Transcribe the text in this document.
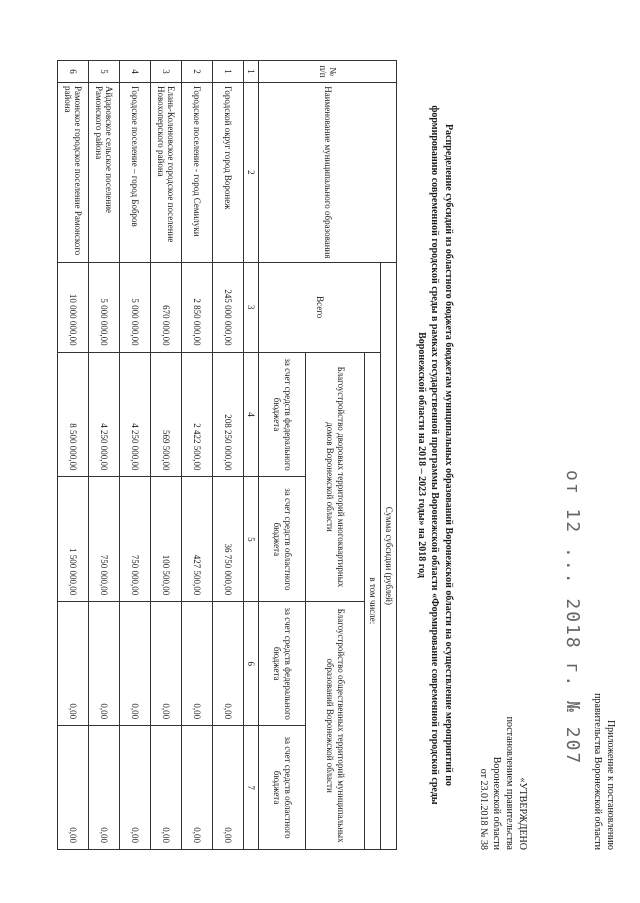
Приложение к постановлению
правительства Воронежской области
от 12 ... 2018 г. № 207
«УТВЕРЖДЕНО
постановлением правительства
Воронежской области
от 23.01.2018 № 38
Распределение субсидий из областного бюджета бюджетам муниципальных образований Воронежской области на осуществление мероприятий по
формированию современной городской среды в рамках государственной программы Воронежской области «Формирование современной городской среды
Воронежской области на 2018 – 2023 годы» на 2018 год
№ п/п	Наименование муниципального образования	Сумма субсидии (рублей)				
		Всего	в том числе:			
			Благоустройство дворовых территорий многоквартирных домов Воронежской области		Благоустройство общественных территорий муниципальных образований Воронежской области	
			за счет средств федерального бюджета	за счет средств областного бюджета	за счет средств федерального бюджета	за счет средств областного бюджета
1	2	3	4	5	6	7
1	Городской округ город Воронеж	245 000 000,00	208 250 000,00	36 750 000,00	0,00	0,00
2	Городское поселение - город Семилуки	2 850 000,00	2 422 500,00	427 500,00	0,00	0,00
3	Елань-Коленовское городское поселение Новохоперского района	670 000,00	569 500,00	100 500,00	0,00	0,00
4	Городское поселение – город Бобров	5 000 000,00	4 250 000,00	750 000,00	0,00	0,00
5	Айдаровское сельское поселение Рамонского района	5 000 000,00	4 250 000,00	750 000,00	0,00	0,00
6	Рамонское городское поселение Рамонского района	10 000 000,00	8 500 000,00	1 500 000,00	0,00	0,00
